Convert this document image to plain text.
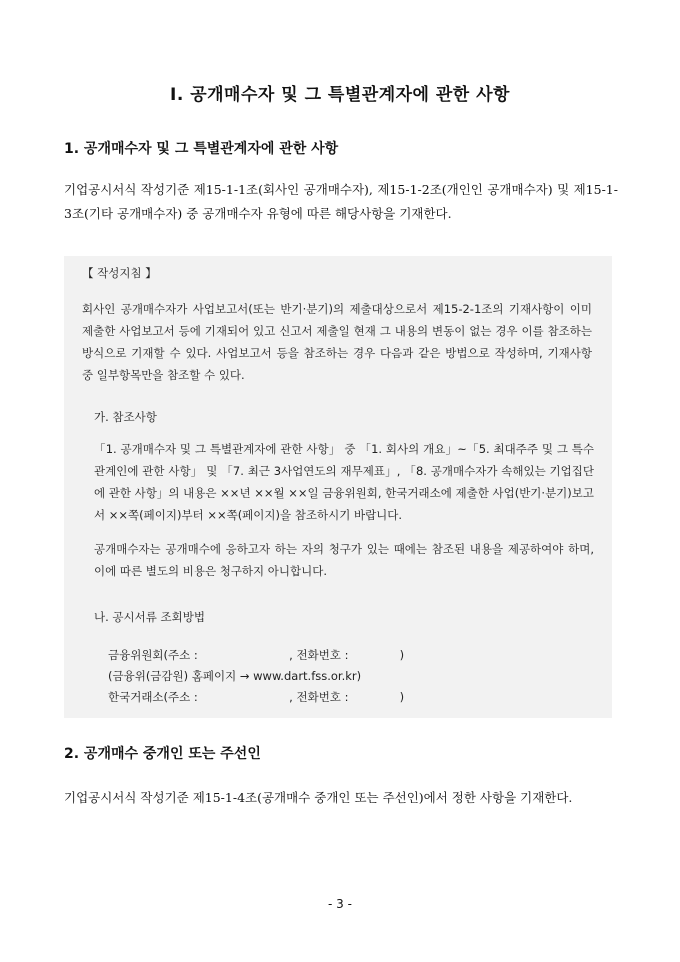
Ⅰ. 공개매수자 및 그 특별관계자에 관한 사항
1. 공개매수자 및 그 특별관계자에 관한 사항
기업공시서식 작성기준 제15-1-1조(회사인 공개매수자), 제15-1-2조(개인인 공개매수자) 및 제15-1-3조(기타 공개매수자) 중 공개매수자 유형에 따른 해당사항을 기재한다.
【 작성지침 】
회사인 공개매수자가 사업보고서(또는 반기·분기)의 제출대상으로서 제15-2-1조의 기재사항이 이미 제출한 사업보고서 등에 기재되어 있고 신고서 제출일 현재 그 내용의 변동이 없는 경우 이를 참조하는 방식으로 기재할 수 있다. 사업보고서 등을 참조하는 경우 다음과 같은 방법으로 작성하며, 기재사항 중 일부항목만을 참조할 수 있다.
가. 참조사항
「1. 공개매수자 및 그 특별관계자에 관한 사항」 중 「1. 회사의 개요」~「5. 최대주주 및 그 특수관계인에 관한 사항」 및 「7. 최근 3사업연도의 재무제표」, 「8. 공개매수자가 속해있는 기업집단에 관한 사항」의 내용은 ××년 ××월 ××일 금융위원회, 한국거래소에 제출한 사업(반기·분기)보고서 ××쪽(페이지)부터 ××쪽(페이지)을 참조하시기 바랍니다.
공개매수자는 공개매수에 응하고자 하는 자의 청구가 있는 때에는 참조된 내용을 제공하여야 하며, 이에 따른 별도의 비용은 청구하지 아니합니다.
나. 공시서류 조회방법
금융위원회(주소 :                         , 전화번호 :              )
(금융위(금감원) 홈페이지 → www.dart.fss.or.kr)
한국거래소(주소 :                         , 전화번호 :              )
2. 공개매수 중개인 또는 주선인
기업공시서식 작성기준 제15-1-4조(공개매수 중개인 또는 주선인)에서 정한 사항을 기재한다.
- 3 -
